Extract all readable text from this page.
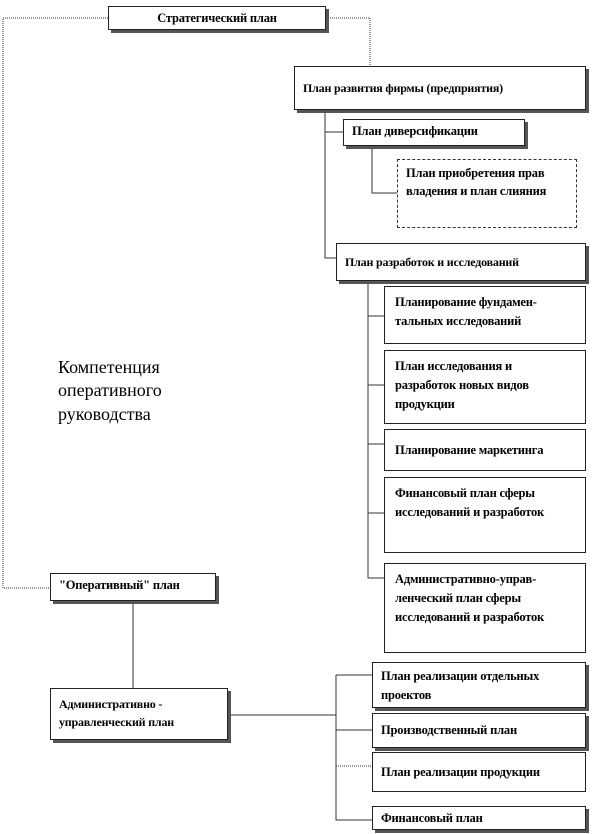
Стратегический план
План развития фирмы (предприятия)
План диверсификации
План приобретения прав владения и план слияния
План разработок и исследований
Планирование фундамен-тальных исследований
План исследования и разработок новых видов продукции
Планирование маркетинга
Финансовый план сферы исследований и разработок
Административно-управ-ленческий план сферы исследований и разработок
Компетенция оперативного руководства
"Оперативный" план
Административно - управленческий план
План реализации отдельных проектов
Производственный план
План реализации продукции
Финансовый план
